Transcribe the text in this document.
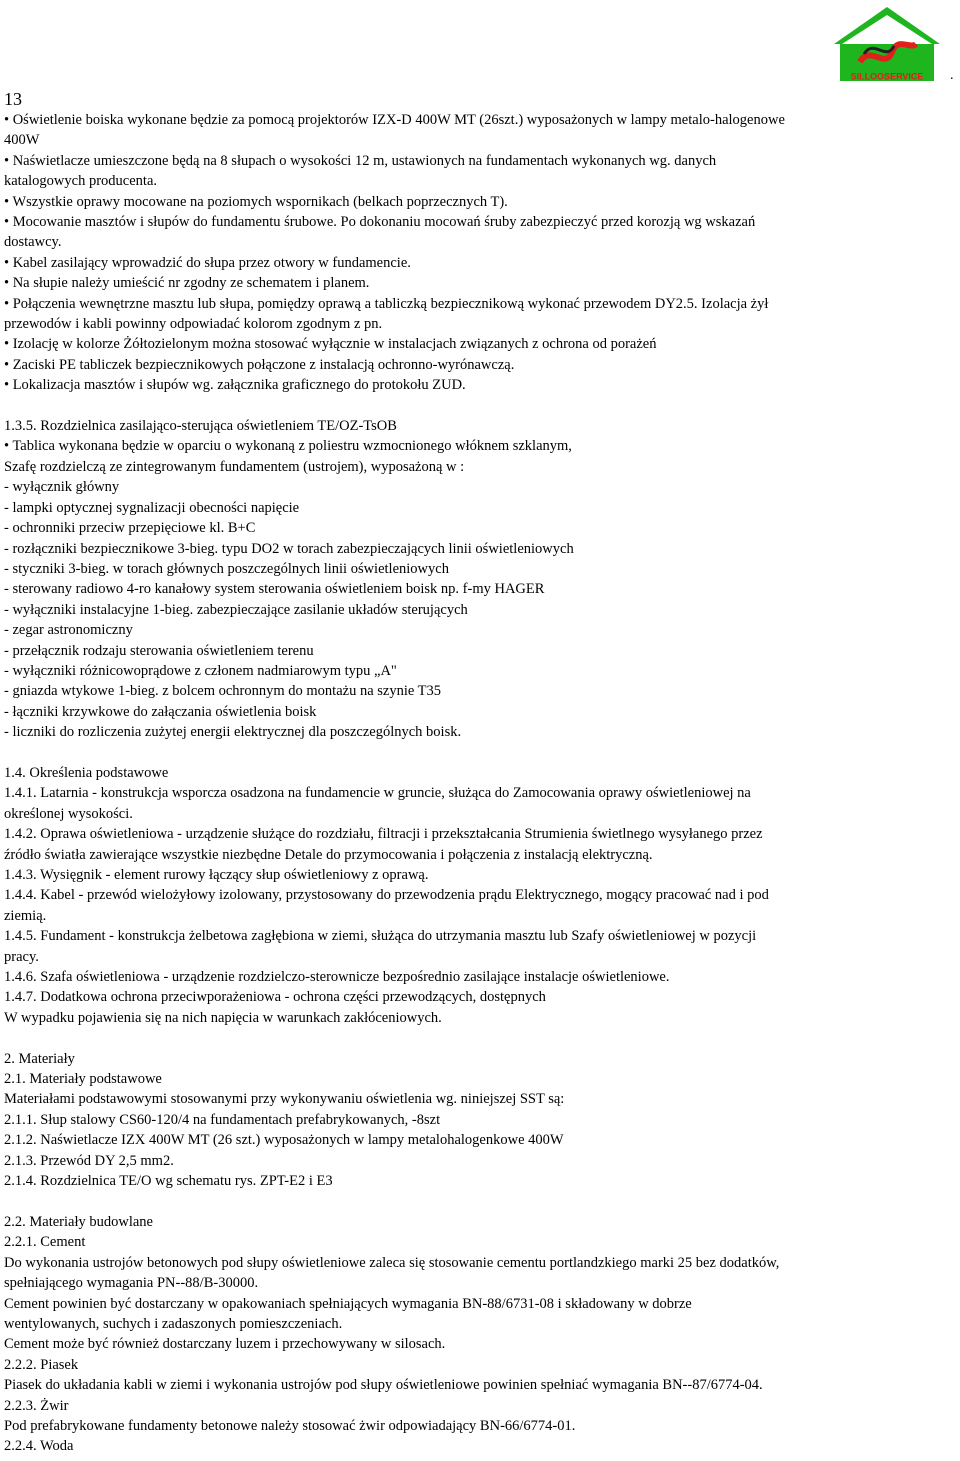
SILLOOSERVICE .
13
• Oświetlenie boiska wykonane będzie za pomocą projektorów IZX-D 400W MT (26szt.) wyposażonych w lampy metalo-halogenowe
400W
• Naświetlacze umieszczone będą na 8 słupach o wysokości 12 m, ustawionych na fundamentach wykonanych wg. danych
katalogowych producenta.
• Wszystkie oprawy mocowane na poziomych wspornikach (belkach poprzecznych T).
• Mocowanie masztów i słupów do fundamentu śrubowe. Po dokonaniu mocowań śruby zabezpieczyć przed korozją wg wskazań
dostawcy.
• Kabel zasilający wprowadzić do słupa przez otwory w fundamencie.
• Na słupie należy umieścić nr zgodny ze schematem i planem.
• Połączenia wewnętrzne masztu lub słupa, pomiędzy oprawą a tabliczką bezpiecznikową wykonać przewodem DY2.5. Izolacja żył
przewodów i kabli powinny odpowiadać kolorom zgodnym z pn.
• Izolację w kolorze Żółtozielonym można stosować wyłącznie w instalacjach związanych z ochrona od porażeń
• Zaciski PE tabliczek bezpiecznikowych połączone z instalacją ochronno-wyrónawczą.
• Lokalizacja masztów i słupów wg. załącznika graficznego do protokołu ZUD.
1.3.5. Rozdzielnica zasilająco-sterująca oświetleniem TE/OZ-TsOB
• Tablica wykonana będzie w oparciu o wykonaną z poliestru wzmocnionego włóknem szklanym,
Szafę rozdzielczą ze zintegrowanym fundamentem (ustrojem), wyposażoną w :
- wyłącznik główny
- lampki optycznej sygnalizacji obecności napięcie
- ochronniki przeciw przepięciowe kl. B+C
- rozłączniki bezpiecznikowe 3-bieg. typu DO2 w torach zabezpieczających linii oświetleniowych
- styczniki 3-bieg. w torach głównych poszczególnych linii oświetleniowych
- sterowany radiowo 4-ro kanałowy system sterowania oświetleniem boisk np. f-my HAGER
- wyłączniki instalacyjne 1-bieg. zabezpieczające zasilanie układów sterujących
- zegar astronomiczny
- przełącznik rodzaju sterowania oświetleniem terenu
- wyłączniki różnicowoprądowe z członem nadmiarowym typu „A"
- gniazda wtykowe 1-bieg. z bolcem ochronnym do montażu na szynie T35
- łączniki krzywkowe do załączania oświetlenia boisk
- liczniki do rozliczenia zużytej energii elektrycznej dla poszczególnych boisk.
1.4. Określenia podstawowe
1.4.1. Latarnia - konstrukcja wsporcza osadzona na fundamencie w gruncie, służąca do Zamocowania oprawy oświetleniowej na
określonej wysokości.
1.4.2. Oprawa oświetleniowa - urządzenie służące do rozdziału, filtracji i przekształcania Strumienia świetlnego wysyłanego przez
źródło światła zawierające wszystkie niezbędne Detale do przymocowania i połączenia z instalacją elektryczną.
1.4.3. Wysięgnik - element rurowy łączący słup oświetleniowy z oprawą.
1.4.4. Kabel - przewód wielożyłowy izolowany, przystosowany do przewodzenia prądu Elektrycznego, mogący pracować nad i pod
ziemią.
1.4.5. Fundament - konstrukcja żelbetowa zagłębiona w ziemi, służąca do utrzymania masztu lub Szafy oświetleniowej w pozycji
pracy.
1.4.6. Szafa oświetleniowa - urządzenie rozdzielczo-sterownicze bezpośrednio zasilające instalacje oświetleniowe.
1.4.7. Dodatkowa ochrona przeciwporażeniowa - ochrona części przewodzących, dostępnych
W wypadku pojawienia się na nich napięcia w warunkach zakłóceniowych.
2. Materiały
2.1. Materiały podstawowe
Materiałami podstawowymi stosowanymi przy wykonywaniu oświetlenia wg. niniejszej SST są:
2.1.1. Słup stalowy CS60-120/4 na fundamentach prefabrykowanych, -8szt
2.1.2. Naświetlacze IZX 400W MT (26 szt.) wyposażonych w lampy metalohalogenkowe 400W
2.1.3. Przewód DY 2,5 mm2.
2.1.4. Rozdzielnica TE/O wg schematu rys. ZPT-E2 i E3
2.2. Materiały budowlane
2.2.1. Cement
Do wykonania ustrojów betonowych pod słupy oświetleniowe zaleca się stosowanie cementu portlandzkiego marki 25 bez dodatków,
spełniającego wymagania PN--88/B-30000.
Cement powinien być dostarczany w opakowaniach spełniających wymagania BN-88/6731-08 i składowany w dobrze
wentylowanych, suchych i zadaszonych pomieszczeniach.
Cement może być również dostarczany luzem i przechowywany w silosach.
2.2.2. Piasek
Piasek do układania kabli w ziemi i wykonania ustrojów pod słupy oświetleniowe powinien spełniać wymagania BN--87/6774-04.
2.2.3. Żwir
Pod prefabrykowane fundamenty betonowe należy stosować żwir odpowiadający BN-66/6774-01.
2.2.4. Woda
